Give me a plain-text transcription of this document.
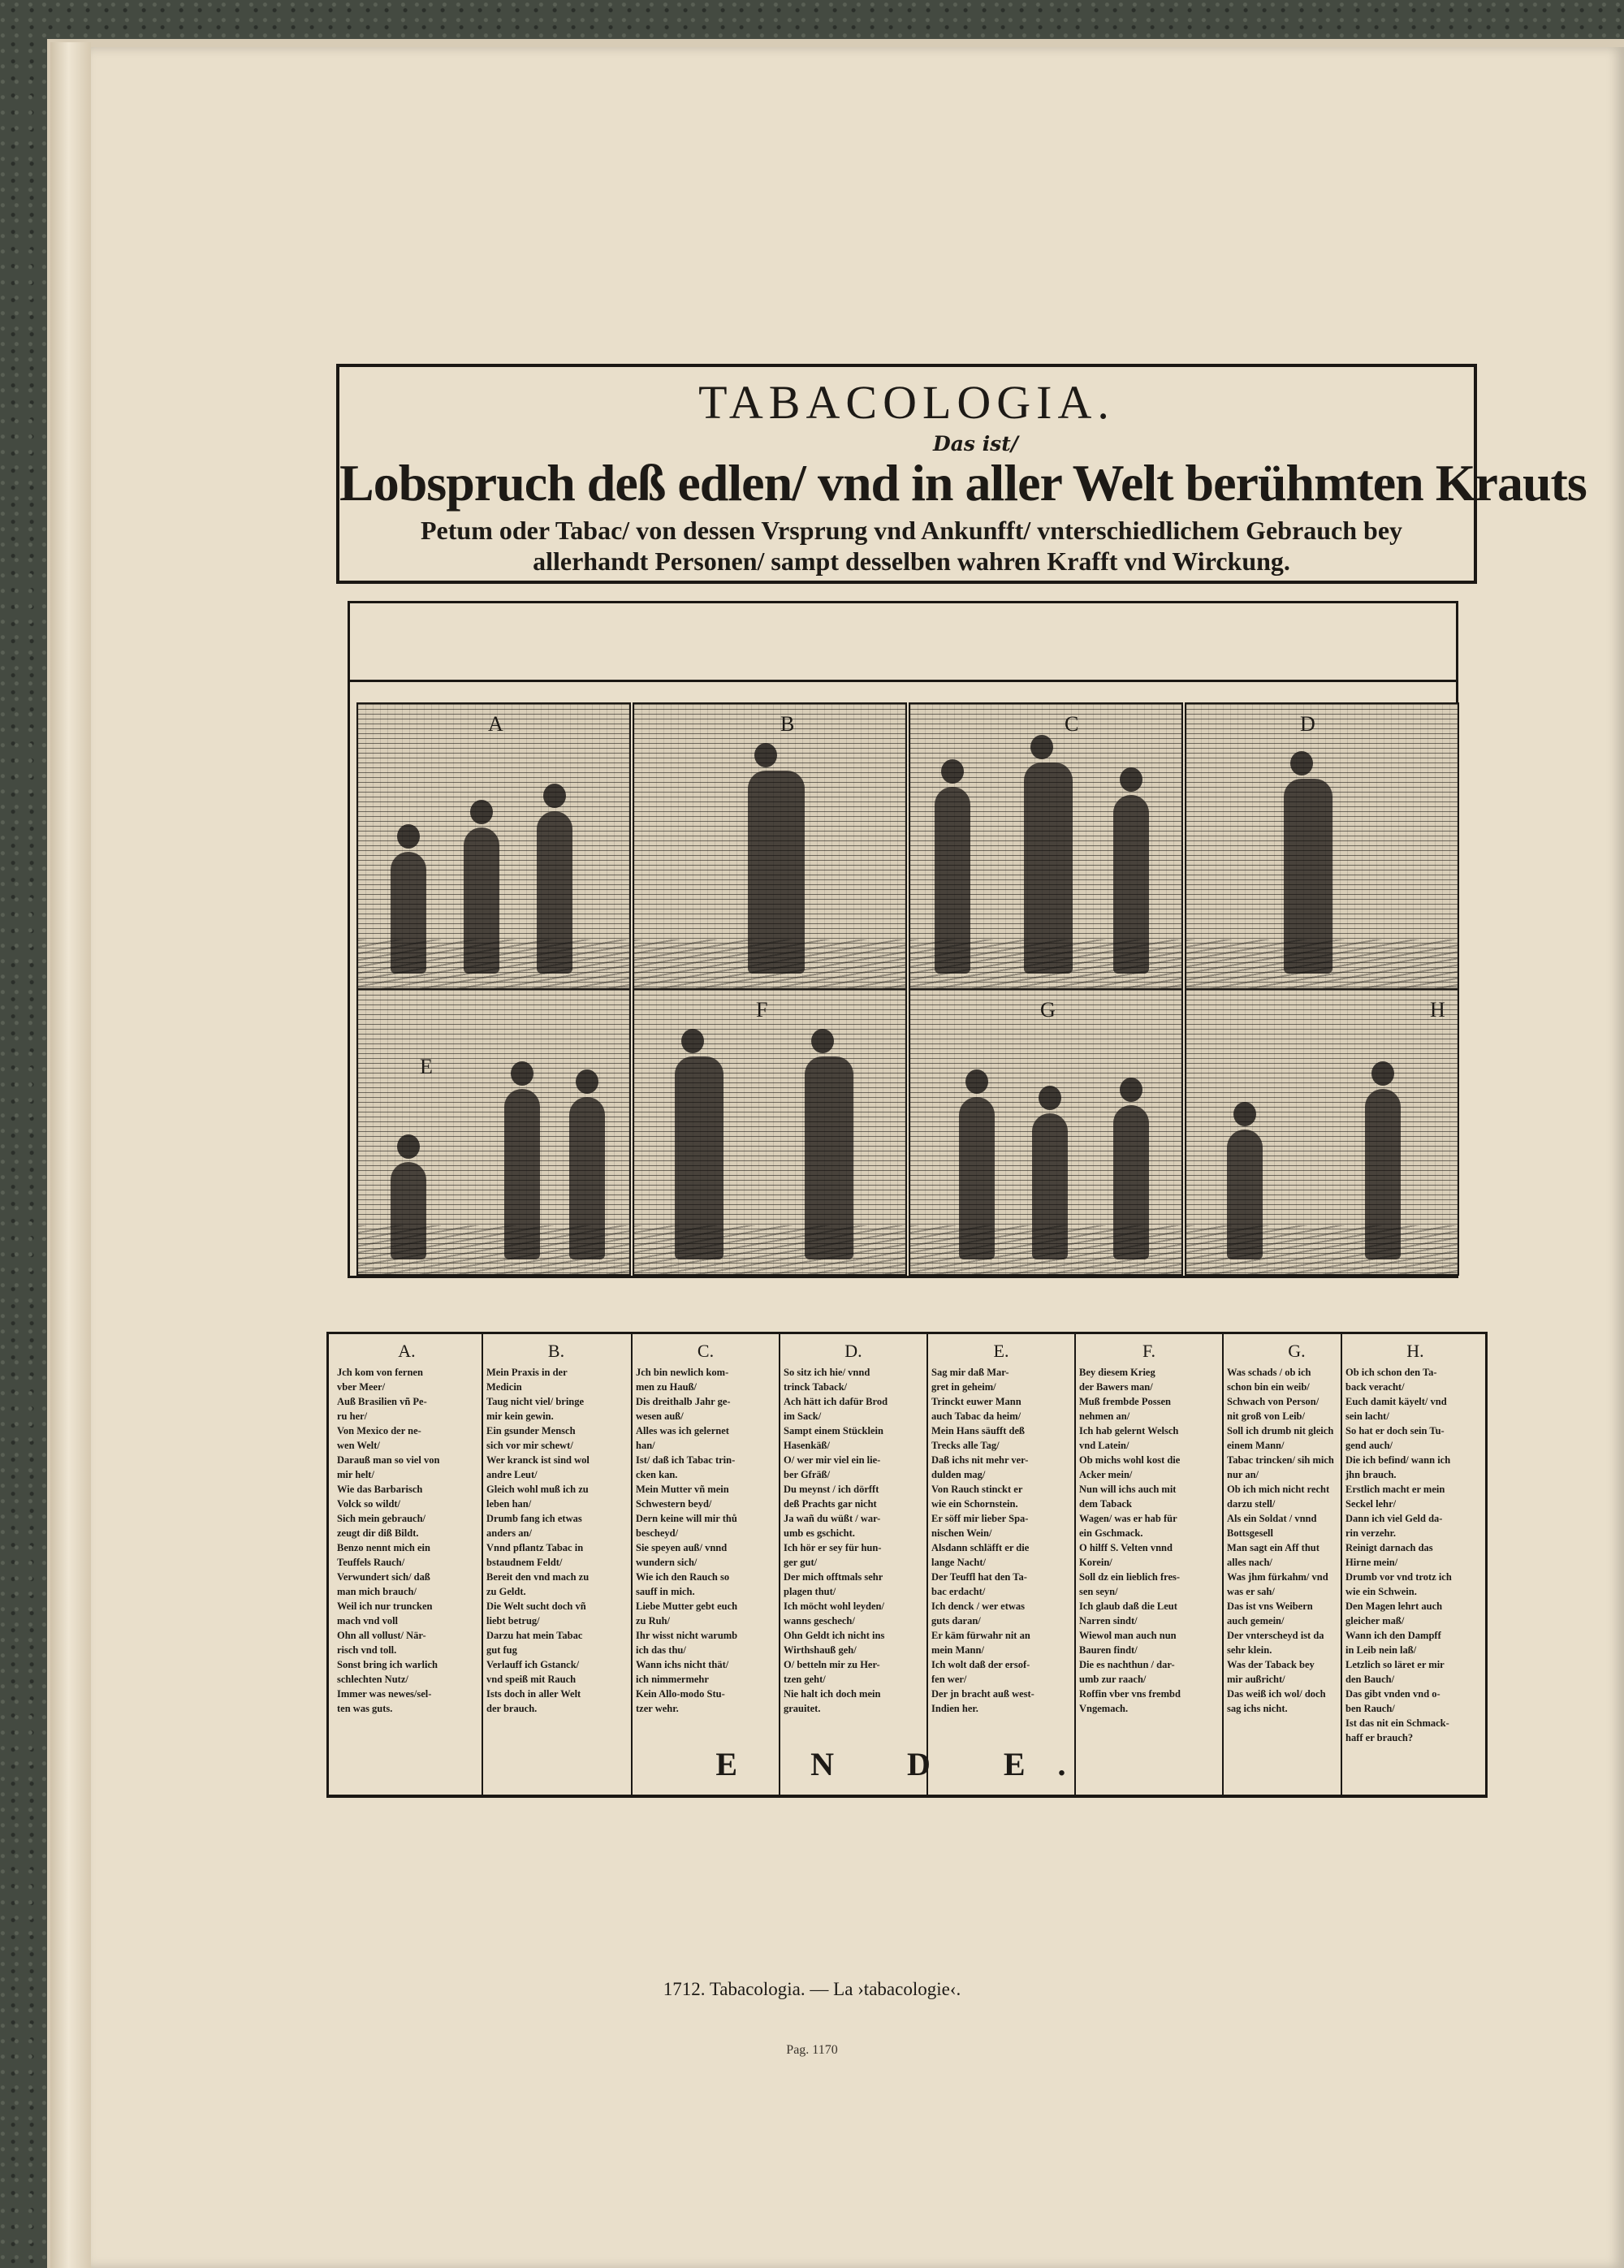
TABACOLOGIA.
Das ist/
Lobspruch deß edlen/ vnd in aller Welt berühmten Krauts
Petum oder Tabac/ von dessen Vrsprung vnd Ankunfft/ vnterschiedlichem Gebrauch bey allerhandt Personen/ sampt desselben wahren Krafft vnd Wirckung.
A	B	C	D
E
F	G	H
A.
Jch kom von fernen
vber Meer/
Auß Brasilien vñ Pe-
ru her/
Von Mexico der ne-
wen Welt/
Darauß man so viel von
mir helt/
Wie das Barbarisch
Volck so wildt/
Sich mein gebrauch/
zeugt dir diß Bildt.
Benzo nennt mich ein
Teuffels Rauch/
Verwundert sich/ daß
man mich brauch/
Weil ich nur truncken
mach vnd voll
Ohn all vollust/ När-
risch vnd toll.
Sonst bring ich warlich
schlechten Nutz/
Immer was newes/sel-
ten was guts.
B.
Mein Praxis in der
Medicin
Taug nicht viel/ bringe
mir kein gewin.
Ein gsunder Mensch
sich vor mir schewt/
Wer kranck ist sind wol
andre Leut/
Gleich wohl muß ich zu
leben han/
Drumb fang ich etwas
anders an/
Vnnd pflantz Tabac in
bstaudnem Feldt/
Bereit den vnd mach zu
zu Geldt.
Die Welt sucht doch vñ
liebt betrug/
Darzu hat mein Tabac
gut fug
Verlauff ich Gstanck/
vnd speiß mit Rauch
Ists doch in aller Welt
der brauch.
C.
Jch bin newlich kom-
men zu Hauß/
Dis dreithalb Jahr ge-
wesen auß/
Alles was ich gelernet
han/
Ist/ daß ich Tabac trin-
cken kan.
Mein Mutter vñ mein
Schwestern beyd/
Dern keine will mir thů
bescheyd/
Sie speyen auß/ vnnd
wundern sich/
Wie ich den Rauch so
sauff in mich.
Liebe Mutter gebt euch
zu Ruh/
Ihr wisst nicht warumb
ich das thu/
Wann ichs nicht thät/
ich nimmermehr
Kein Allo-modo Stu-
tzer wehr.
D.
So sitz ich hie/ vnnd
trinck Taback/
Ach hätt ich dafür Brod
im Sack/
Sampt einem Stücklein
Hasenkäß/
O/ wer mir viel ein lie-
ber Gfräß/
Du meynst / ich dörfft
deß Prachts gar nicht
Ja wañ du wüßt / war-
umb es gschicht.
Ich hör er sey für hun-
ger gut/
Der mich offtmals sehr
plagen thut/
Ich möcht wohl leyden/
wanns geschech/
Ohn Geldt ich nicht ins
Wirthshauß geh/
O/ betteln mir zu Her-
tzen geht/
Nie halt ich doch mein
grauitet.
E.
Sag mir daß Mar-
gret in geheim/
Trinckt euwer Mann
auch Tabac da heim/
Mein Hans säufft deß
Trecks alle Tag/
Daß ichs nit mehr ver-
dulden mag/
Von Rauch stinckt er
wie ein Schornstein.
Er söff mir lieber Spa-
nischen Wein/
Alsdann schläfft er die
lange Nacht/
Der Teuffl hat den Ta-
bac erdacht/
Ich denck / wer etwas
guts daran/
Er käm fürwahr nit an
mein Mann/
Ich wolt daß der ersof-
fen wer/
Der jn bracht auß west-
Indien her.
F.
Bey diesem Krieg
der Bawers man/
Muß frembde Possen
nehmen an/
Ich hab gelernt Welsch
vnd Latein/
Ob michs wohl kost die
Acker mein/
Nun will ichs auch mit
dem Taback
Wagen/ was er hab für
ein Gschmack.
O hilff S. Velten vnnd
Korein/
Soll dz ein lieblich fres-
sen seyn/
Ich glaub daß die Leut
Narren sindt/
Wiewol man auch nun
Bauren findt/
Die es nachthun / dar-
umb zur raach/
Roffin vber vns frembd
Vngemach.
G.
Was schads / ob ich
schon bin ein weib/
Schwach von Person/
nit groß von Leib/
Soll ich drumb nit gleich
einem Mann/
Tabac trincken/ sih mich
nur an/
Ob ich mich nicht recht
darzu stell/
Als ein Soldat / vnnd
Bottsgesell
Man sagt ein Aff thut
alles nach/
Was jhm fürkahm/ vnd
was er sah/
Das ist vns Weibern
auch gemein/
Der vnterscheyd ist da
sehr klein.
Was der Taback bey
mir außricht/
Das weiß ich wol/ doch
sag ichs nicht.
H.
Ob ich schon den Ta-
back veracht/
Euch damit käyelt/ vnd
sein lacht/
So hat er doch sein Tu-
gend auch/
Die ich befind/ wann ich
jhn brauch.
Erstlich macht er mein
Seckel lehr/
Dann ich viel Geld da-
rin verzehr.
Reinigt darnach das
Hirne mein/
Drumb vor vnd trotz ich
wie ein Schwein.
Den Magen lehrt auch
gleicher maß/
Wann ich den Dampff
in Leib nein laß/
Letzlich so läret er mir
den Bauch/
Das gibt vnden vnd o-
ben Rauch/
Ist das nit ein Schmack-
haff er brauch?
E N D E.
1712. Tabacologia. — La ›tabacologie‹.
Pag. 1170
